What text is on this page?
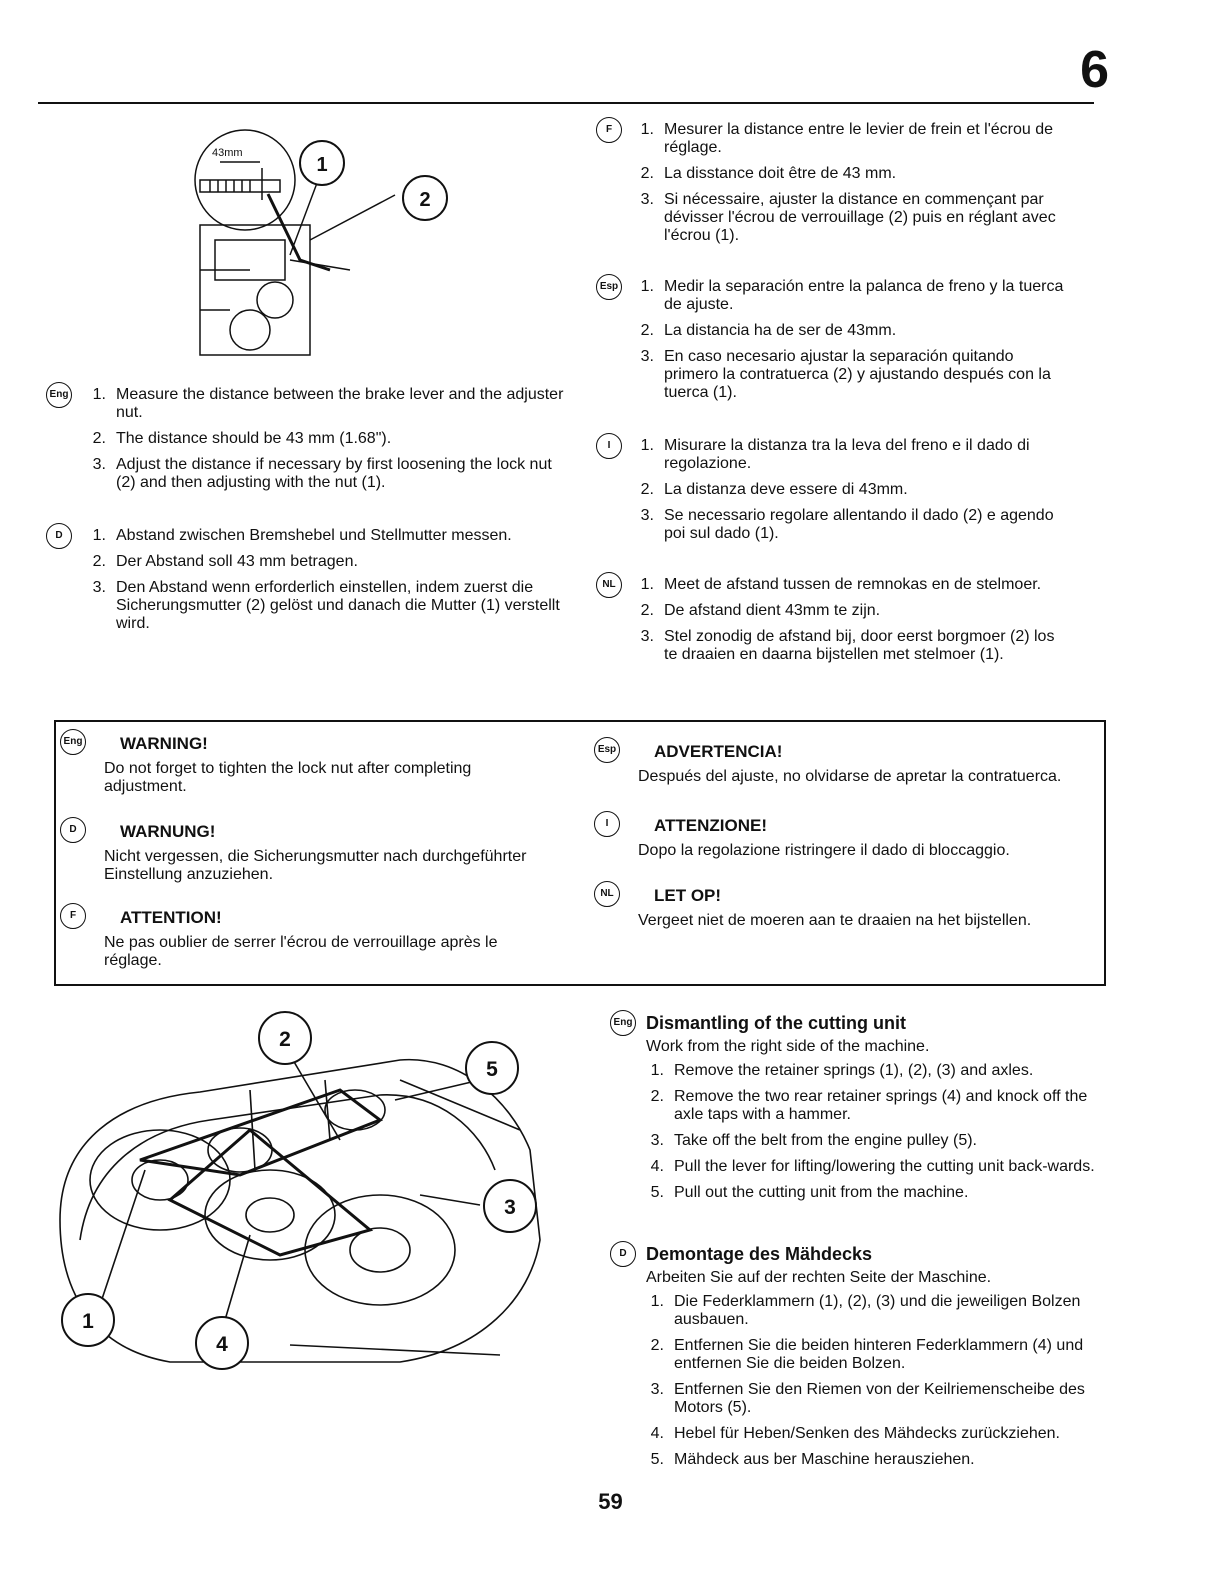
6
43mm
1
2
Eng 1. Measure the distance between the brake lever and the adjuster nut.
2. The distance should be 43 mm (1.68").
3. Adjust the distance if necessary by first loosening the lock nut (2) and then adjusting with the nut (1).
D	1. Abstand zwischen Bremshebel und Stellmutter messen.
2. Der Abstand soll 43 mm betragen.
3. Den Abstand wenn erforderlich einstellen, indem zuerst die Sicherungsmutter (2) gelöst und danach die Mutter (1) verstellt wird.
F	1. Mesurer la distance entre le levier de frein et l'écrou de réglage.
2. La disstance doit être de 43 mm.
3. Si nécessaire, ajuster la distance en commençant par dévisser l'écrou de verrouillage (2) puis en réglant avec l'écrou (1).
Esp 1. Medir la separación entre la palanca de freno y la tuerca de ajuste.
2. La distancia ha de ser de 43mm.
3. En caso necesario ajustar la separación quitando primero la contratuerca (2) y ajustando después con la tuerca (1).
I	1. Misurare la distanza tra la leva del freno e il dado di regolazione.
2. La distanza deve essere di 43mm.
3. Se necessario regolare allentando il dado (2) e agendo poi sul dado (1).
NL	1. Meet de afstand tussen de remnokas en de stelmoer.
2. De afstand dient 43mm te zijn.
3. Stel zonodig de afstand bij, door eerst borgmoer (2) los te draaien en daarna bijstellen met stelmoer (1).
Eng WARNING!
Do not forget to tighten the lock nut after completing adjustment.
D	WARNUNG!
Nicht vergessen, die Sicherungsmutter nach durchgeführter Einstellung anzuziehen.
F	ATTENTION!
Ne pas oublier de serrer l'écrou de verrouillage après le réglage.
Esp ADVERTENCIA!
Después del ajuste, no olvidarse de apretar la contratuerca.
I	ATTENZIONE!
Dopo la regolazione ristringere il dado di bloccaggio.
NL	LET OP!
Vergeet niet de moeren aan te draaien na het bijstellen.
2
5
3
1
4
Eng Dismantling of the cutting unit
Work from the right side of the machine.
1. Remove the retainer springs (1), (2), (3) and axles.
2. Remove the two rear retainer springs (4) and knock off the axle taps with a hammer.
3. Take off the belt from the engine pulley (5).
4. Pull the lever for lifting/lowering the cutting unit back-wards.
5. Pull out the cutting unit from the machine.
D	Demontage des Mähdecks
Arbeiten Sie auf der rechten Seite der Maschine.
1. Die Federklammern (1), (2), (3) und die jeweiligen Bolzen ausbauen.
2. Entfernen Sie die beiden hinteren Federklammern (4) und entfernen Sie die beiden Bolzen.
3. Entfernen Sie den Riemen von der Keilriemenscheibe des Motors (5).
4. Hebel für Heben/Senken des Mähdecks zurückziehen.
5. Mähdeck aus ber Maschine herausziehen.
59
